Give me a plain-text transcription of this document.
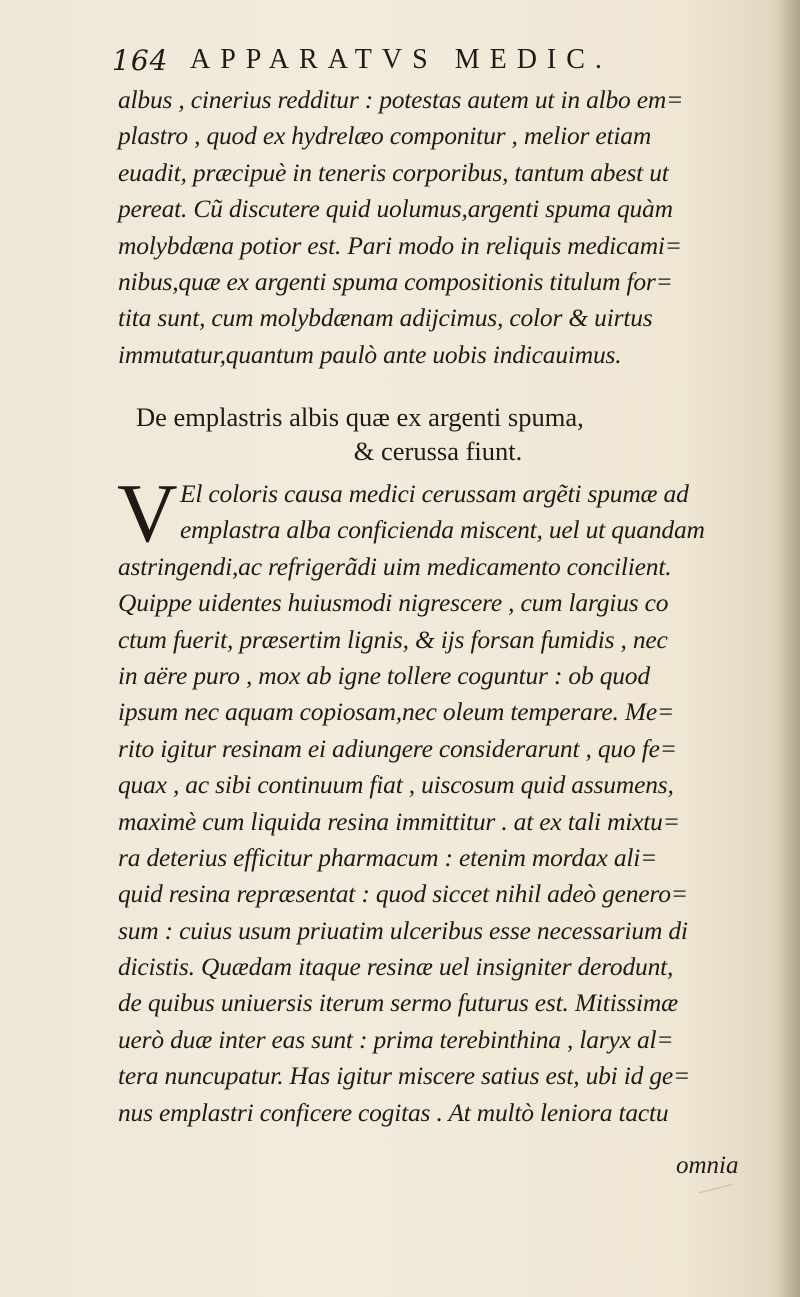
164 APPARATVS MEDIC.
albus , cinerius redditur : potestas autem ut in albo em=
plastro , quod ex hydrelæo componitur , melior etiam
euadit, præcipuè in teneris corporibus, tantum abest ut
pereat. Cũ discutere quid uolumus,argenti spuma quàm
molybdæna potior est. Pari modo in reliquis medicami=
nibus,quæ ex argenti spuma compositionis titulum for=
tita sunt, cum molybdænam adijcimus, color & uirtus
immutatur,quantum paulò ante uobis indicauimus.
De emplastris albis quæ ex argenti spuma,
& cerussa fiunt.
V El coloris causa medici cerussam argẽti spumæ ad
emplastra alba conficienda miscent, uel ut quandam
astringendi,ac refrigerãdi uim medicamento concilient.
Quippe uidentes huiusmodi nigrescere , cum largius co
ctum fuerit, præsertim lignis, & ijs forsan fumidis , nec
in aëre puro , mox ab igne tollere coguntur : ob quod
ipsum nec aquam copiosam,nec oleum temperare. Me=
rito igitur resinam ei adiungere considerarunt , quo fe=
quax , ac sibi continuum fiat , uiscosum quid assumens,
maximè cum liquida resina immittitur . at ex tali mixtu=
ra deterius efficitur pharmacum : etenim mordax ali=
quid resina repræsentat : quod siccet nihil adeò genero=
sum : cuius usum priuatim ulceribus esse necessarium di
dicistis. Quædam itaque resinæ uel insigniter derodunt,
de quibus uniuersis iterum sermo futurus est. Mitissimæ
uerò duæ inter eas sunt : prima terebinthina , laryx al=
tera nuncupatur. Has igitur miscere satius est, ubi id ge=
nus emplastri conficere cogitas . At multò leniora tactu
omnia
